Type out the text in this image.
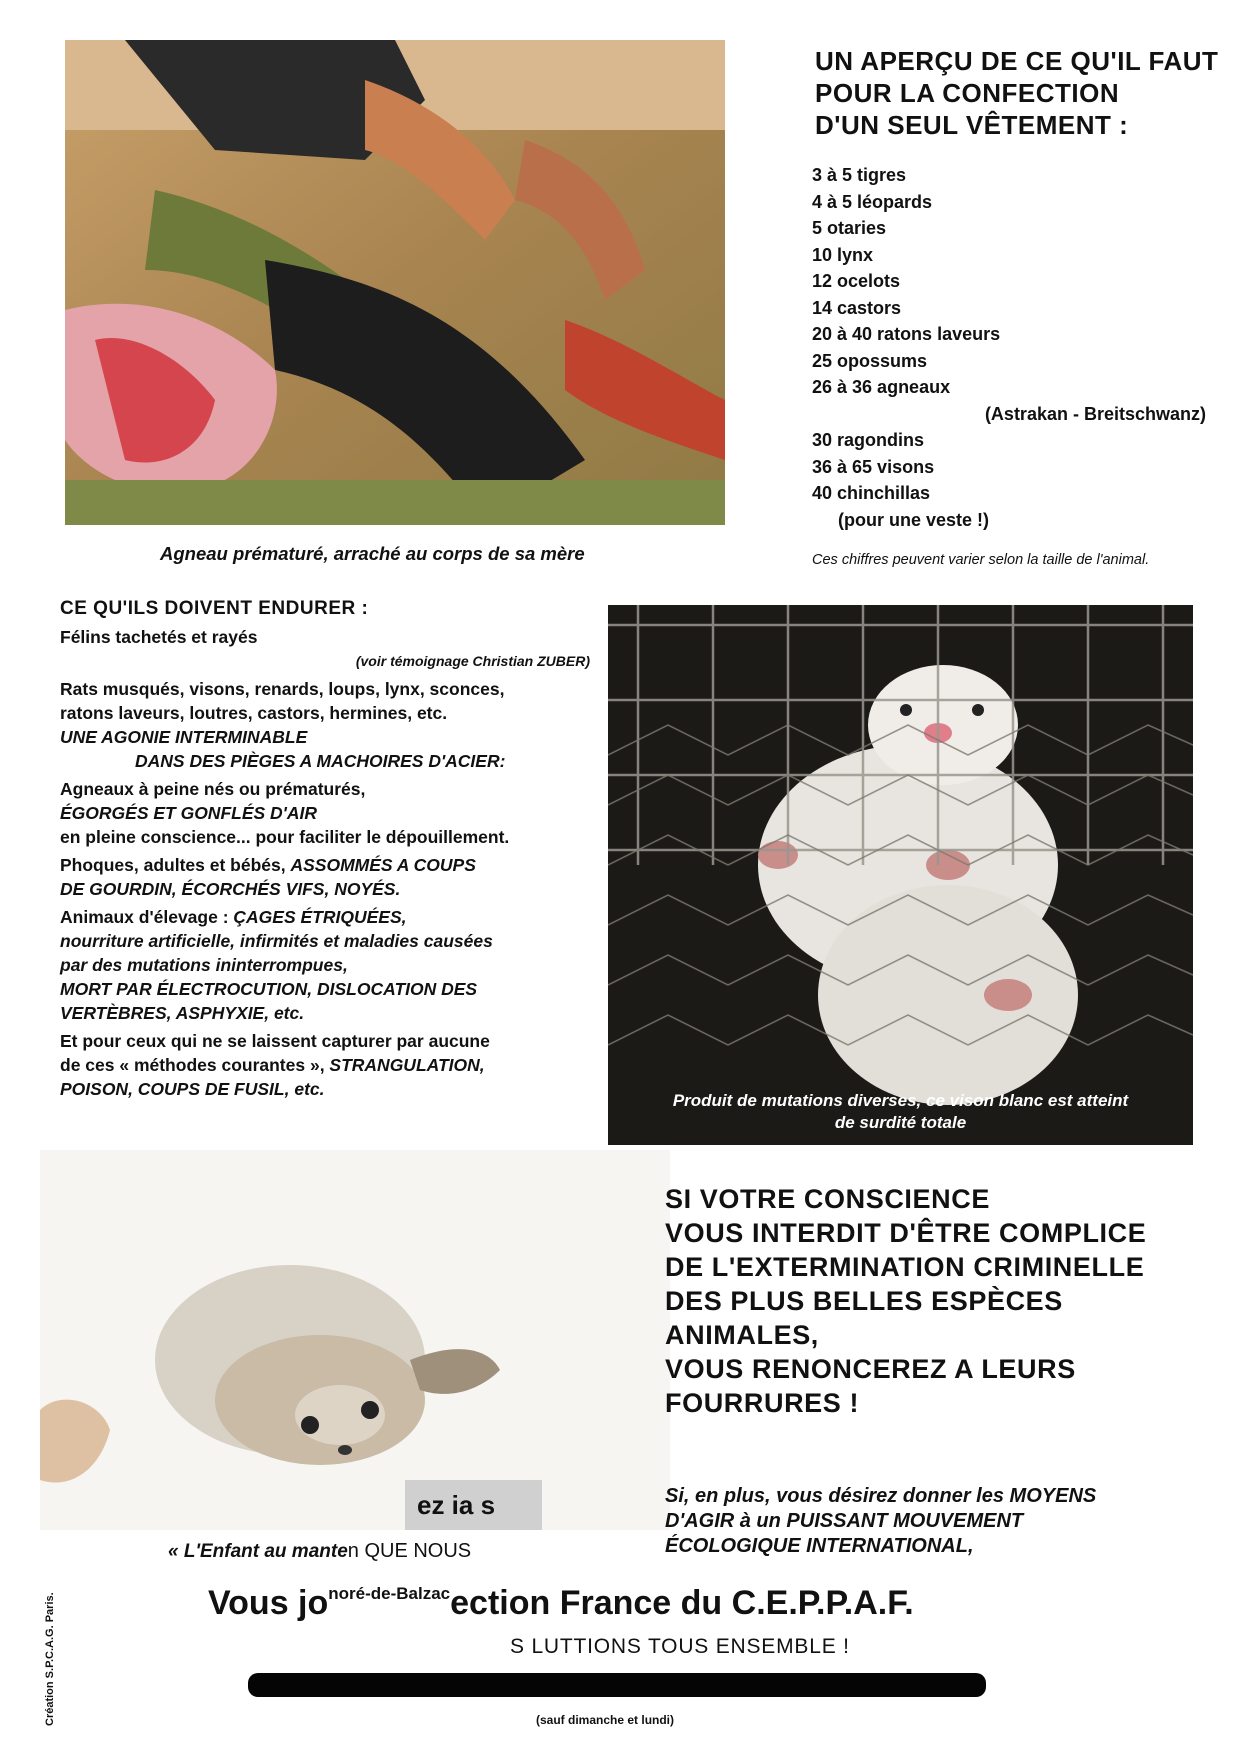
Agneau prématuré, arraché au corps de sa mère
UN APERÇU DE CE QU'IL FAUT
POUR LA CONFECTION
D'UN SEUL VÊTEMENT :
3 à 5 tigres
4 à 5 léopards
5 otaries
10 lynx
12 ocelots
14 castors
20 à 40 ratons laveurs
25 opossums
26 à 36 agneaux
(Astrakan - Breitschwanz)
30 ragondins
36 à 65 visons
40 chinchillas
(pour une veste !)
Ces chiffres peuvent varier selon la taille de l'animal.
CE QU'ILS DOIVENT ENDURER :
Félins tachetés et rayés
(voir témoignage Christian ZUBER)
Rats musqués, visons, renards, loups, lynx, sconces,
ratons laveurs, loutres, castors, hermines, etc.
UNE AGONIE INTERMINABLE
DANS DES PIÈGES A MACHOIRES D'ACIER:
Agneaux à peine nés ou prématurés,
ÉGORGÉS ET GONFLÉS D'AIR
en pleine conscience... pour faciliter le dépouillement.
Phoques, adultes et bébés, ASSOMMÉS A COUPS
DE GOURDIN, ÉCORCHÉS VIFS, NOYÉS.
Animaux d'élevage : ÇAGES ÉTRIQUÉES,
nourriture artificielle, infirmités et maladies causées
par des mutations ininterrompues,
MORT PAR ÉLECTROCUTION, DISLOCATION DES
VERTÈBRES, ASPHYXIE, etc.
Et pour ceux qui ne se laissent capturer par aucune
de ces « méthodes courantes », STRANGULATION,
POISON, COUPS DE FUSIL, etc.
Produit de mutations diverses, ce vison blanc est atteint
de surdité totale
ez ia s
« L'Enfant au manten QUE NOUS
SI VOTRE CONSCIENCE
VOUS INTERDIT D'ÊTRE COMPLICE
DE L'EXTERMINATION CRIMINELLE
DES PLUS BELLES ESPÈCES
ANIMALES,
VOUS RENONCEREZ A LEURS
FOURRURES !
Si, en plus, vous désirez donner les MOYENS
D'AGIR à un PUISSANT MOUVEMENT
ÉCOLOGIQUE INTERNATIONAL,
Vous $jo^{noré-de-Balzac}ection$ France du C.E.P.P.A.F.
S LUTTIONS TOUS ENSEMBLE !
(sauf dimanche et lundi)
Création S.P.C.A.G. Paris.
